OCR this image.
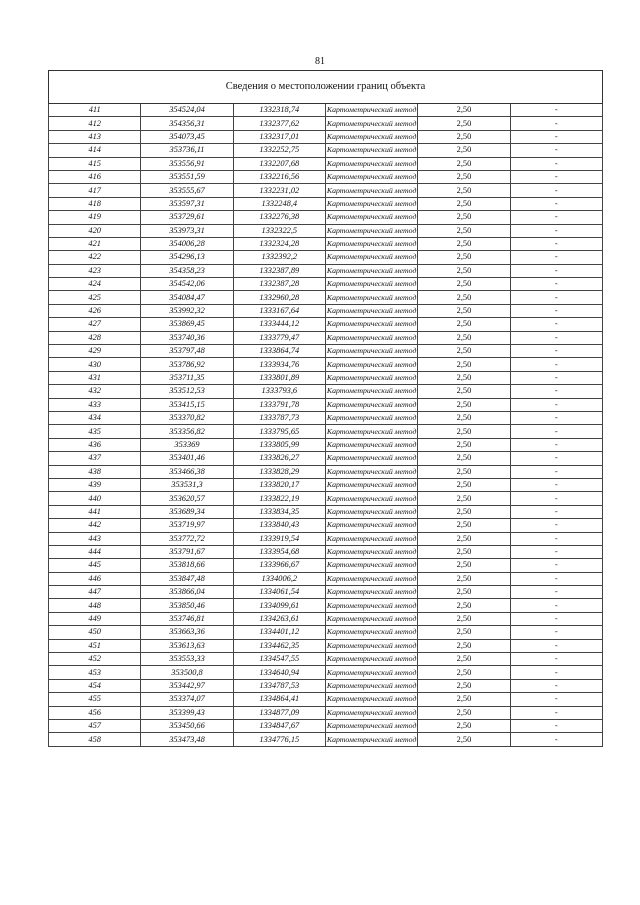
81
Сведения о местоположении границ объекта					
411	354524,04	1332318,74	Картометрический метод	2,50	-
412	354356,31	1332377,62	Картометрический метод	2,50	-
413	354073,45	1332317,01	Картометрический метод	2,50	-
414	353736,11	1332252,75	Картометрический метод	2,50	-
415	353556,91	1332207,68	Картометрический метод	2,50	-
416	353551,59	1332216,56	Картометрический метод	2,50	-
417	353555,67	1332231,02	Картометрический метод	2,50	-
418	353597,31	1332248,4	Картометрический метод	2,50	-
419	353729,61	1332276,38	Картометрический метод	2,50	-
420	353973,31	1332322,5	Картометрический метод	2,50	-
421	354006,28	1332324,28	Картометрический метод	2,50	-
422	354296,13	1332392,2	Картометрический метод	2,50	-
423	354358,23	1332387,89	Картометрический метод	2,50	-
424	354542,06	1332387,28	Картометрический метод	2,50	-
425	354084,47	1332960,28	Картометрический метод	2,50	-
426	353992,32	1333167,64	Картометрический метод	2,50	-
427	353869,45	1333444,12	Картометрический метод	2,50	-
428	353740,36	1333779,47	Картометрический метод	2,50	-
429	353797,48	1333864,74	Картометрический метод	2,50	-
430	353786,92	1333934,76	Картометрический метод	2,50	-
431	353711,35	1333801,89	Картометрический метод	2,50	-
432	353512,53	1333793,6	Картометрический метод	2,50	-
433	353415,15	1333791,78	Картометрический метод	2,50	-
434	353370,82	1333787,73	Картометрический метод	2,50	-
435	353356,82	1333795,65	Картометрический метод	2,50	-
436	353369	1333805,99	Картометрический метод	2,50	-
437	353401,46	1333826,27	Картометрический метод	2,50	-
438	353466,38	1333828,29	Картометрический метод	2,50	-
439	353531,3	1333820,17	Картометрический метод	2,50	-
440	353620,57	1333822,19	Картометрический метод	2,50	-
441	353689,34	1333834,35	Картометрический метод	2,50	-
442	353719,97	1333840,43	Картометрический метод	2,50	-
443	353772,72	1333919,54	Картометрический метод	2,50	-
444	353791,67	1333954,68	Картометрический метод	2,50	-
445	353818,66	1333966,67	Картометрический метод	2,50	-
446	353847,48	1334006,2	Картометрический метод	2,50	-
447	353866,04	1334061,54	Картометрический метод	2,50	-
448	353850,46	1334099,61	Картометрический метод	2,50	-
449	353746,81	1334263,61	Картометрический метод	2,50	-
450	353663,36	1334401,12	Картометрический метод	2,50	-
451	353613,63	1334462,35	Картометрический метод	2,50	-
452	353553,33	1334547,55	Картометрический метод	2,50	-
453	353500,8	1334640,94	Картометрический метод	2,50	-
454	353442,97	1334787,53	Картометрический метод	2,50	-
455	353374,07	1334864,41	Картометрический метод	2,50	-
456	353399,43	1334877,09	Картометрический метод	2,50	-
457	353450,66	1334847,67	Картометрический метод	2,50	-
458	353473,48	1334776,15	Картометрический метод	2,50	-
